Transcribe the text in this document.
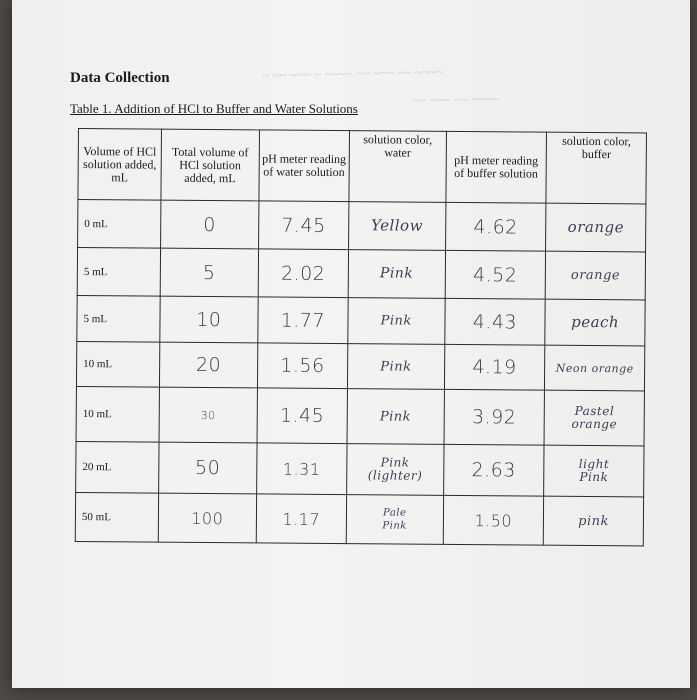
~ ~~ ~~~ ~ ~~~~ ~~ ~~~ ~~ ~~~~
~~ ~~~ ~~ ~~~~
Data Collection

Table 1. Addition of HCl to Buffer and Water Solutions

Volume of HCl solution added, mL	Total volume of HCl solution added, mL	pH meter reading of water solution	solution color, water	pH meter reading of buffer solution	solution color, buffer
0 mL	0	7.45	Yellow	4.62	orange
5 mL	5	2.02	Pink	4.52	orange
5 mL	10	1.77	Pink	4.43	peach
10 mL	20	1.56	Pink	4.19	Neon orange
10 mL	30	1.45	Pink	3.92	Pastel orange
20 mL	50	1.31	Pink (lighter)	2.63	light Pink
50 mL	100	1.17	Pale Pink	1.50	pink
